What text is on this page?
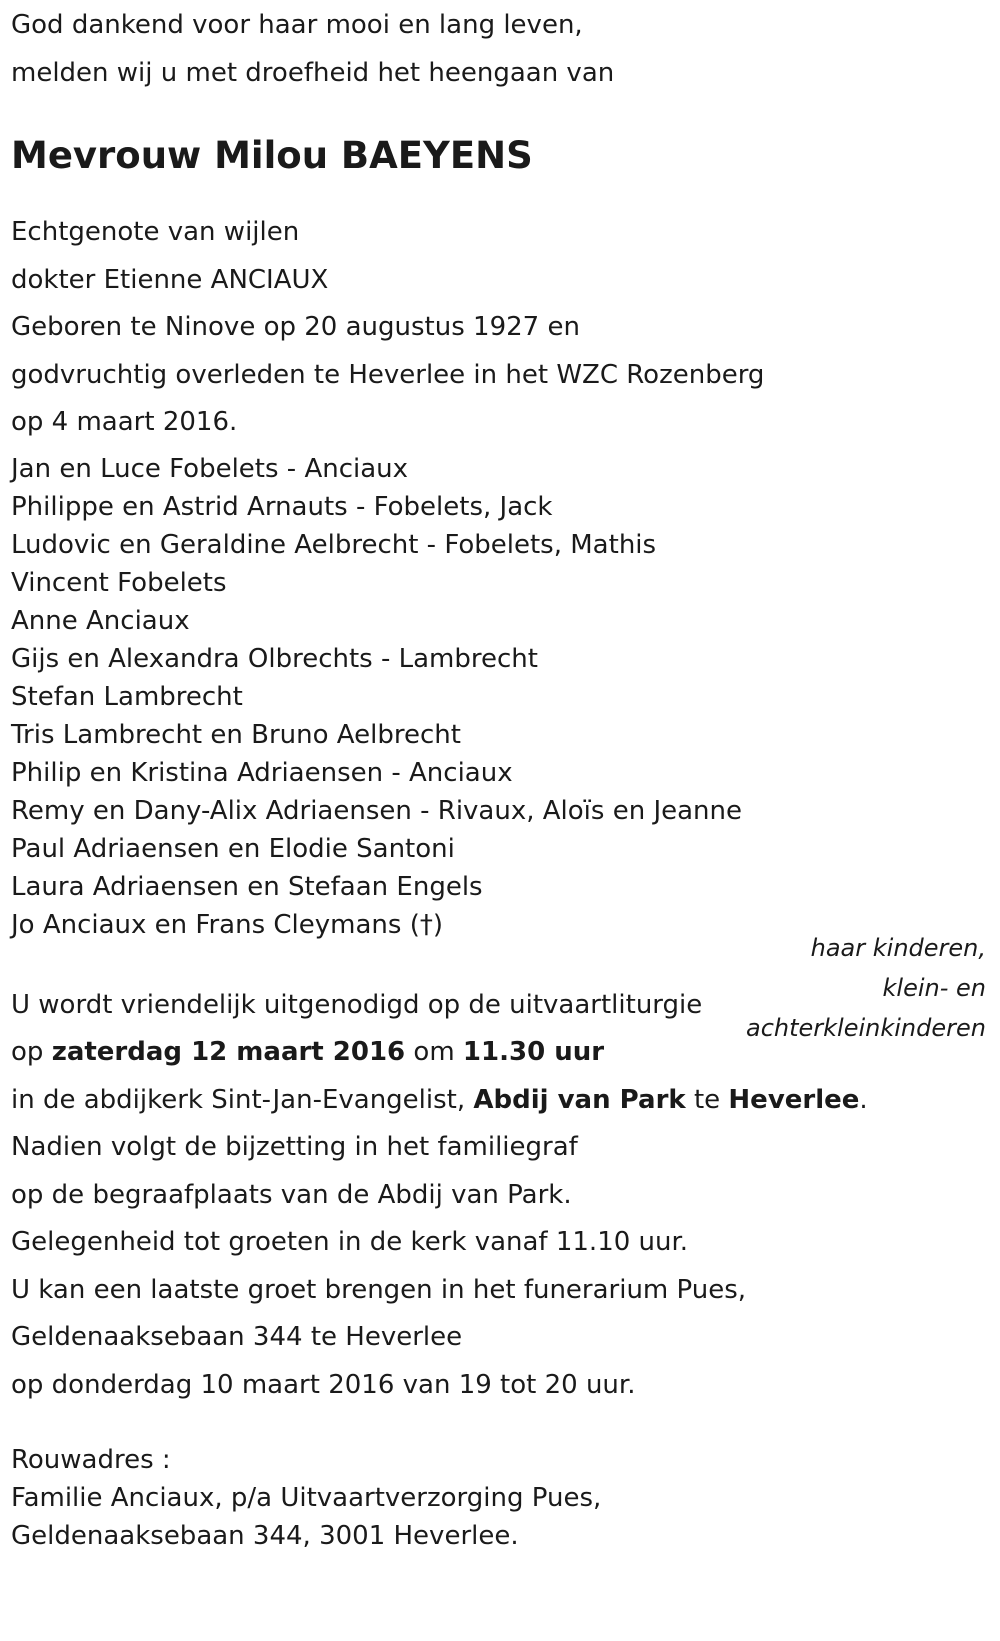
God dankend voor haar mooi en lang leven,
melden wij u met droefheid het heengaan van
Mevrouw Milou BAEYENS
Echtgenote van wijlen
dokter Etienne ANCIAUX
Geboren te Ninove op 20 augustus 1927 en
godvruchtig overleden te Heverlee in het WZC Rozenberg
op 4 maart 2016.
Jan en Luce Fobelets - Anciaux
Philippe en Astrid Arnauts - Fobelets, Jack
Ludovic en Geraldine Aelbrecht - Fobelets, Mathis
Vincent Fobelets
Anne Anciaux
Gijs en Alexandra Olbrechts - Lambrecht
Stefan Lambrecht
Tris Lambrecht en Bruno Aelbrecht
Philip en Kristina Adriaensen - Anciaux
Remy en Dany-Alix Adriaensen - Rivaux, Aloïs en Jeanne
Paul Adriaensen en Elodie Santoni
Laura Adriaensen en Stefaan Engels
Jo Anciaux en Frans Cleymans (†)
haar kinderen,
klein- en
achterkleinkinderen
U wordt vriendelijk uitgenodigd op de uitvaartliturgie
op zaterdag 12 maart 2016 om 11.30 uur
in de abdijkerk Sint-Jan-Evangelist, Abdij van Park te Heverlee.
Nadien volgt de bijzetting in het familiegraf
op de begraafplaats van de Abdij van Park.
Gelegenheid tot groeten in de kerk vanaf 11.10 uur.
U kan een laatste groet brengen in het funerarium Pues,
Geldenaaksebaan 344 te Heverlee
op donderdag 10 maart 2016 van 19 tot 20 uur.
Rouwadres :
Familie Anciaux, p/a Uitvaartverzorging Pues,
Geldenaaksebaan 344, 3001 Heverlee.
